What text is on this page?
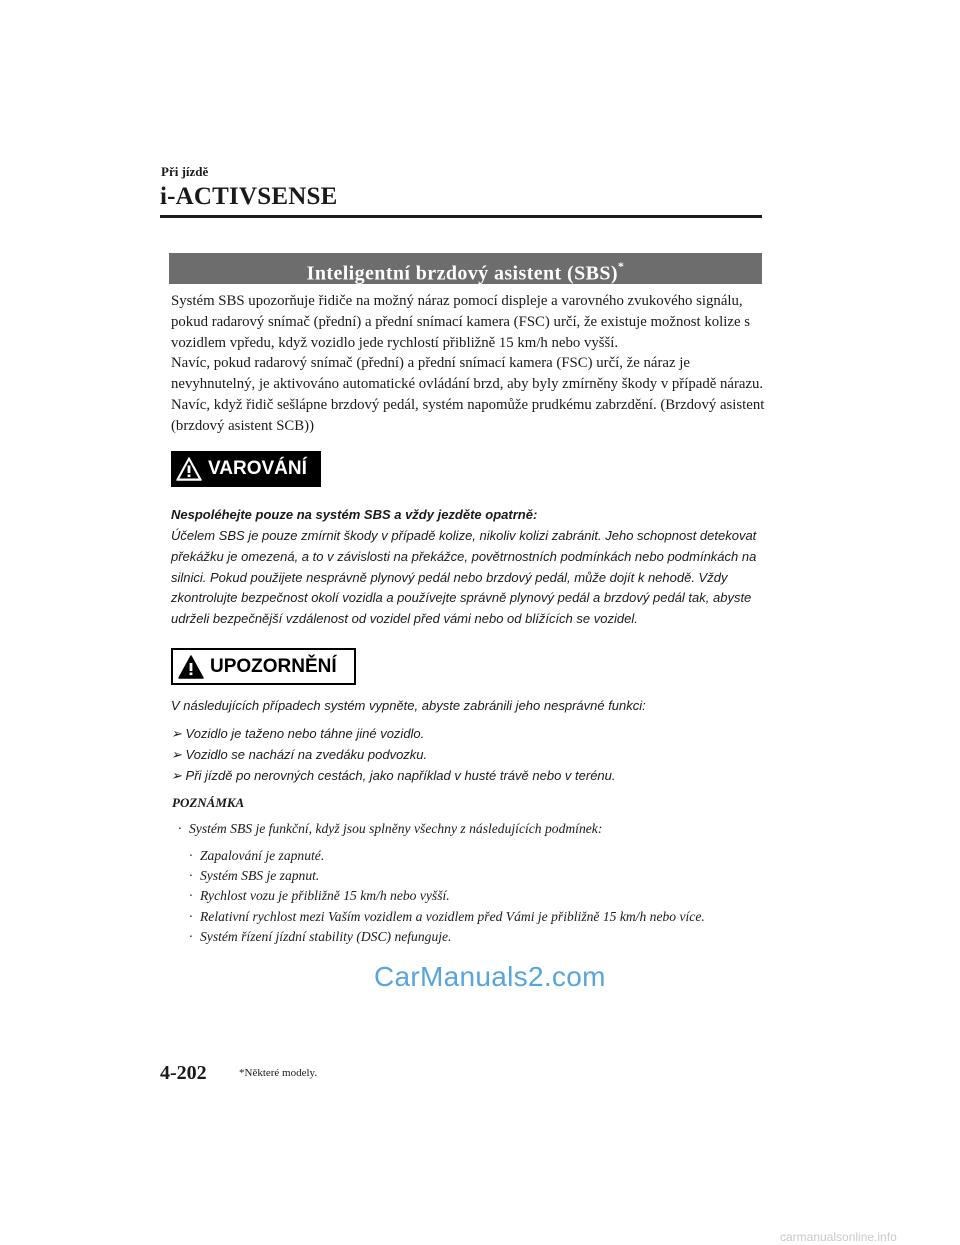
Při jízdě
i-ACTIVSENSE
Inteligentní brzdový asistent (SBS)*

Systém SBS upozorňuje řidiče na možný náraz pomocí displeje a varovného zvukového signálu, pokud radarový snímač (přední) a přední snímací kamera (FSC) určí, že existuje možnost kolize s vozidlem vpředu, když vozidlo jede rychlostí přibližně 15 km/h nebo vyšší.

Navíc, pokud radarový snímač (přední) a přední snímací kamera (FSC) určí, že náraz je nevyhnutelný, je aktivováno automatické ovládání brzd, aby byly zmírněny škody v případě nárazu.

Navíc, když řidič sešlápne brzdový pedál, systém napomůže prudkému zabrzdění. (Brzdový asistent (brzdový asistent SCB))

VAROVÁNÍ
Nespoléhejte pouze na systém SBS a vždy jezděte opatrně:
Účelem SBS je pouze zmírnit škody v případě kolize, nikoliv kolizi zabránit. Jeho schopnost detekovat překážku je omezená, a to v závislosti na překážce, povětrnostních podmínkách nebo podmínkách na silnici. Pokud použijete nesprávně plynový pedál nebo brzdový pedál, může dojít k nehodě. Vždy zkontrolujte bezpečnost okolí vozidla a používejte správně plynový pedál a brzdový pedál tak, abyste udrželi bezpečnější vzdálenost od vozidel před vámi nebo od blížících se vozidel.
UPOZORNĚNÍ
V následujících případech systém vypněte, abyste zabránili jeho nesprávné funkci:
➢ Vozidlo je taženo nebo táhne jiné vozidlo.
➢ Vozidlo se nachází na zvedáku podvozku.
➢ Při jízdě po nerovných cestách, jako například v husté trávě nebo v terénu.
POZNÁMKA
· Systém SBS je funkční, když jsou splněny všechny z následujících podmínek:
· Zapalování je zapnuté.
· Systém SBS je zapnut.
· Rychlost vozu je přibližně 15 km/h nebo vyšší.
· Relativní rychlost mezi Vaším vozidlem a vozidlem před Vámi je přibližně 15 km/h nebo více.
· Systém řízení jízdní stability (DSC) nefunguje.
CarManuals2.com
4-202	*Některé modely.
carmanualsonline.info
